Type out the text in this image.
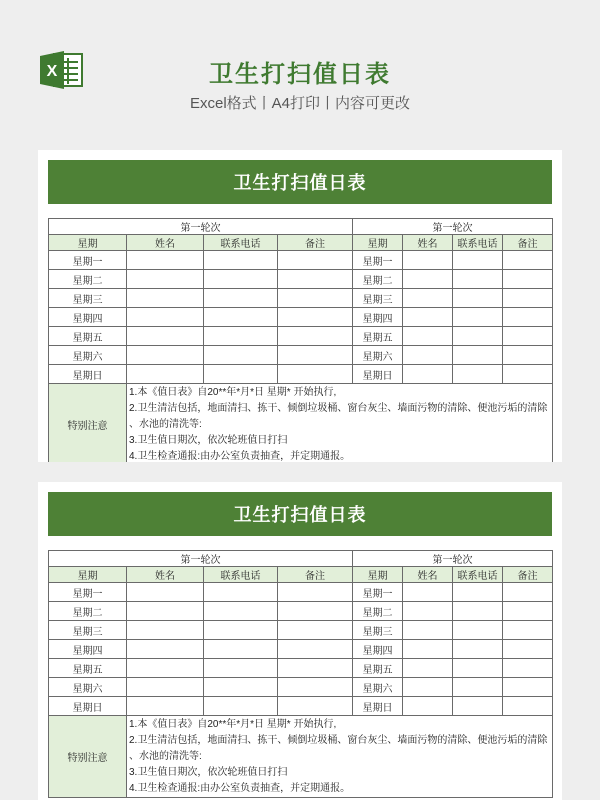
X	卫生打扫值日表
Excel格式丨A4打印丨内容可更改
卫生打扫值日表
第一轮次				第一轮次			
星期	姓名	联系电话	备注	星期	姓名	联系电话	备注
星期一				星期一			
星期二				星期二			
星期三				星期三			
星期四				星期四			
星期五				星期五			
星期六				星期六			
星期日				星期日			
特别注意	1.本《值日表》自20**年*月*日 星期* 开始执行,
2.卫生清洁包括，地面清扫、拣干、倾倒垃圾桶、窗台灰尘、墙面污物的清除、便池污垢的清除
、水池的清洗等:
3.卫生值日期次，依次轮班值日打扫
4.卫生检查通报:由办公室负责抽查，并定期通报。						
卫生打扫值日表
第一轮次				第一轮次			
星期	姓名	联系电话	备注	星期	姓名	联系电话	备注
星期一				星期一			
星期二				星期二			
星期三				星期三			
星期四				星期四			
星期五				星期五			
星期六				星期六			
星期日				星期日			
特别注意	1.本《值日表》自20**年*月*日 星期* 开始执行,
2.卫生清洁包括，地面清扫、拣干、倾倒垃圾桶、窗台灰尘、墙面污物的清除、便池污垢的清除
、水池的清洗等:
3.卫生值日期次，依次轮班值日打扫
4.卫生检查通报:由办公室负责抽查，并定期通报。						
